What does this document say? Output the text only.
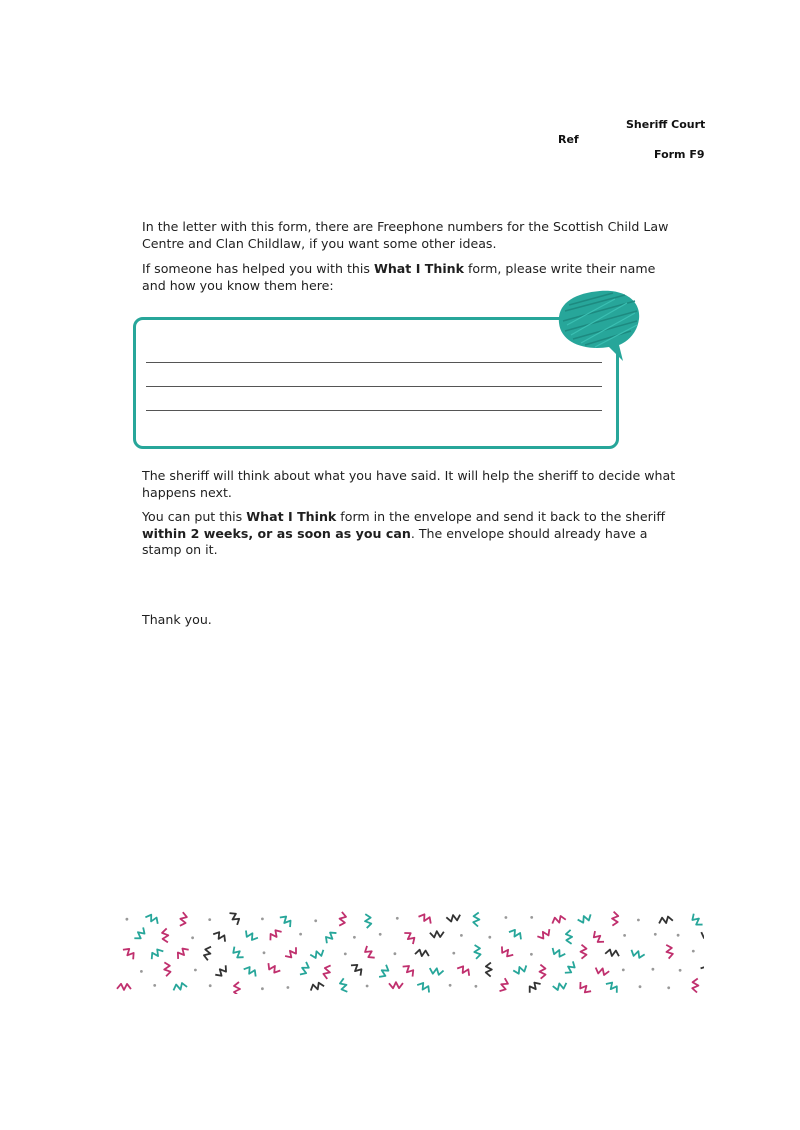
Sheriff Court
Ref
Form F9

In the letter with this form, there are Freephone numbers for the Scottish Child Law Centre and Clan Childlaw, if you want some other ideas.

If someone has helped you with this What I Think form, please write their name and how you know them here:

The sheriff will think about what you have said. It will help the sheriff to decide what happens next.

You can put this What I Think form in the envelope and send it back to the sheriff within 2 weeks, or as soon as you can. The envelope should already have a stamp on it.

Thank you.
